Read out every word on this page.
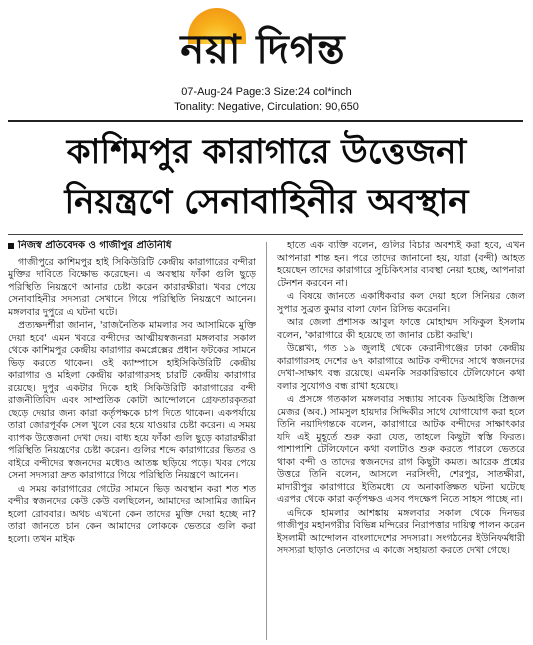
নয়া দিগন্ত
07-Aug-24 Page:3 Size:24 col*inch
Tonality: Negative, Circulation: 90,650
কাশিমপুর কারাগারে উত্তেজনা
নিয়ন্ত্রণে সেনাবাহিনীর অবস্থান
নিজস্ব প্রতিবেদক ও গাজীপুর প্রতিনিধি

গাজীপুরে কাশিমপুর হাই সিকিউরিটি কেন্দ্রীয় কারাগারের বন্দীরা মুক্তির দাবিতে বিক্ষোভ করেছেন। এ অবস্থায় ফাঁকা গুলি ছুড়ে পরিস্থিতি নিয়ন্ত্রণে আনার চেষ্টা করেন কারারক্ষীরা। খবর পেয়ে সেনাবাহিনীর সদস্যরা সেখানে গিয়ে পরিস্থিতি নিয়ন্ত্রণে আনেন। মঙ্গলবার দুপুরে এ ঘটনা ঘটে।

প্রত্যক্ষদর্শীরা জানান, 'রাজনৈতিক মামলার সব আসামিকে মুক্তি দেয়া হবে' এমন খবরে বন্দীদের আত্মীয়স্বজনরা মঙ্গলবার সকাল থেকে কাশিমপুর কেন্দ্রীয় কারাগার কমপ্লেক্সের প্রধান ফটকের সামনে ভিড় করতে থাকেন। ওই ক্যাম্পাসে হাইসিকিউরিটি কেন্দ্রীয় কারাগার ও মহিলা কেন্দ্রীয় কারাগারসহ চারটি কেন্দ্রীয় কারাগার রয়েছে। দুপুর একটার দিকে হাই সিকিউরিটি কারাগারের বন্দী রাজনীতিবিদ এবং সাম্প্রতিক কোটা আন্দোলনে গ্রেফতারকৃতরা ছেড়ে দেয়ার জন্য কারা কর্তৃপক্ষকে চাপ দিতে থাকেন। একপর্যায়ে তারা জোরপূর্বক সেল খুলে বের হয়ে যাওয়ার চেষ্টা করেন। এ সময় ব্যাপক উত্তেজনা দেখা দেয়। বাধ্য হয়ে ফাঁকা গুলি ছুড়ে কারারক্ষীরা পরিস্থিতি নিয়ন্ত্রণের চেষ্টা করেন। গুলির শব্দে কারাগারের ভিতর ও বাইরে বন্দীদের স্বজনদের মধ্যেও আতঙ্ক ছড়িয়ে পড়ে। খবর পেয়ে সেনা সদস্যরা দ্রুত কারাগারে গিয়ে পরিস্থিতি নিয়ন্ত্রণে আনেন।

এ সময় কারাগারের গেটের সামনে ভিড় অবস্থান করা শত শত বন্দীর স্বজনদের কেউ কেউ বলছিলেন, আমাদের আসামির জামিন হলো রোববার। অথচ এখনো কেন তাদের মুক্তি দেয়া হচ্ছে না? তারা জানতে চান কেন আমাদের লোককে ভেতরে গুলি করা হলো। তখন মাইক

হাতে এক ব্যক্তি বলেন, গুলির বিচার অবশ্যই করা হবে, এখন আপনারা শান্ত হন। পরে তাদের জানানো হয়, যারা (বন্দী) আহত হয়েছেন তাদের কারাগারে সুচিকিৎসার ব্যবস্থা নেয়া হচ্ছে, আপনারা টেনশন করবেন না।

এ বিষয়ে জানতে একাধিকবার কল দেয়া হলে সিনিয়র জেল সুপার সুব্রত কুমার বালা ফোন রিসিভ করেননি।

আর জেলা প্রশাসক আবুল ফাত্তে মোহাম্মদ সফিকুল ইসলাম বলেন, 'কারাগারে কী হয়েছে তা জানার চেষ্টা করছি'।

উল্লেখ্য, গত ১৯ জুলাই থেকে কেরানীগঞ্জের ঢাকা কেন্দ্রীয় কারাগারসহ দেশের ৬৭ কারাগারে আটক বন্দীদের সাথে স্বজনদের দেখা-সাক্ষাৎ বন্ধ রয়েছে। এমনকি সরকারিভাবে টেলিফোনে কথা বলার সুযোগও বন্ধ রাখা হয়েছে।

এ প্রসঙ্গে গতকাল মঙ্গলবার সন্ধ্যায় সাবেক ডিআইজি প্রিজন্স মেজর (অব.) সামসুল হায়দার সিদ্দিকীর সাথে যোগাযোগ করা হলে তিনি নয়াদিগন্তকে বলেন, কারাগারে আটক বন্দীদের সাক্ষাৎকার যদি এই মুহূর্তে শুরু করা যেত, তাহলে কিছুটা স্বস্তি ফিরত। পাশাপাশি টেলিফোনে কথা বলাটাও শুরু করতে পারলে ভেতরে থাকা বন্দী ও তাদের স্বজনদের রাগ কিছুটা কমত। আরেক প্রশ্নের উত্তরে তিনি বলেন, আসলে নরসিংদী, শেরপুর, সাতক্ষীরা, মাদারীপুর কারাগারে ইতিমধ্যে যে অনাকাঙ্ক্ষিত ঘটনা ঘটেছে এরপর থেকে কারা কর্তৃপক্ষও এসব পদক্ষেপ নিতে সাহস পাচ্ছে না।

এদিকে হামলার আশঙ্কায় মঙ্গলবার সকাল থেকে দিনভর গাজীপুর মহানগরীর বিভিন্ন মন্দিরের নিরাপত্তার দায়িত্ব পালন করেন ইসলামী আন্দোলন বাংলাদেশের সদস্যরা। সংগঠনের ইউনিফর্মধারী সদস্যরা ছাড়াও নেতাদের এ কাজে সহায়তা করতে দেখা গেছে।
